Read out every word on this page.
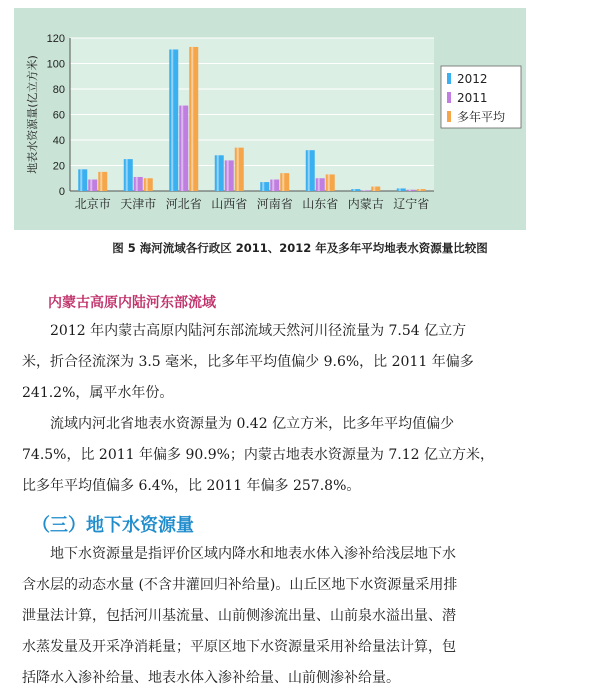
0
20
40
60
80
100
120
地表水资源量(亿立方米)
北京市 天津市 河北省 山西省 河南省 山东省 内蒙古 辽宁省
2012
2011
多年平均
图 5 海河流域各行政区 2011、2012 年及多年平均地表水资源量比较图
内蒙古高原内陆河东部流域

2012 年内蒙古高原内陆河东部流域天然河川径流量为 7.54 亿立方
米，折合径流深为 3.5 毫米，比多年平均值偏少 9.6%，比 2011 年偏多
241.2%，属平水年份。

流域内河北省地表水资源量为 0.42 亿立方米，比多年平均值偏少
74.5%，比 2011 年偏多 90.9%；内蒙古地表水资源量为 7.12 亿立方米，
比多年平均值偏多 6.4%，比 2011 年偏多 257.8%。

（三）地下水资源量

地下水资源量是指评价区域内降水和地表水体入渗补给浅层地下水
含水层的动态水量 (不含井灌回归补给量)。山丘区地下水资源量采用排
泄量法计算，包括河川基流量、山前侧渗流出量、山前泉水溢出量、潜
水蒸发量及开采净消耗量；平原区地下水资源量采用补给量法计算，包
括降水入渗补给量、地表水体入渗补给量、山前侧渗补给量。
